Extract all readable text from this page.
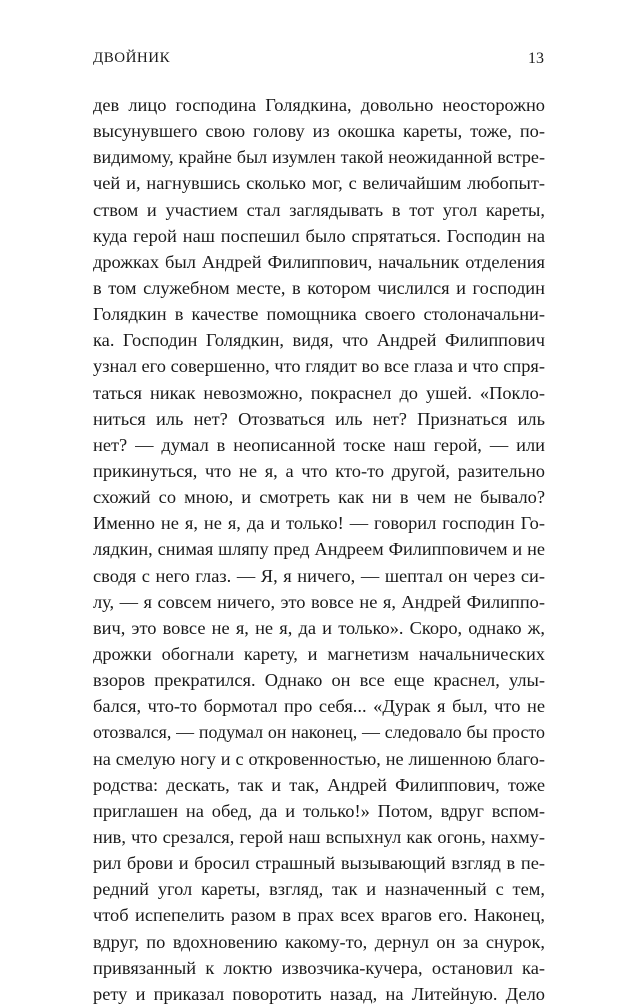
ДВОЙНИК	13
дев лицо господина Голядкина, довольно неосторожно
высунувшего свою голову из окошка кареты, тоже, по-
видимому, крайне был изумлен такой неожиданной встре-
чей и, нагнувшись сколько мог, с величайшим любопыт-
ством и участием стал заглядывать в тот угол кареты,
куда герой наш поспешил было спрятаться. Господин на
дрожках был Андрей Филиппович, начальник отделения
в том служебном месте, в котором числился и господин
Голядкин в качестве помощника своего столоначальни-
ка. Господин Голядкин, видя, что Андрей Филиппович
узнал его совершенно, что глядит во все глаза и что спря-
таться никак невозможно, покраснел до ушей. «Покло-
ниться иль нет? Отозваться иль нет? Признаться иль
нет? — думал в неописанной тоске наш герой, — или
прикинуться, что не я, а что кто-то другой, разительно
схожий со мною, и смотреть как ни в чем не бывало?
Именно не я, не я, да и только! — говорил господин Го-
лядкин, снимая шляпу пред Андреем Филипповичем и не
сводя с него глаз. — Я, я ничего, — шептал он через си-
лу, — я совсем ничего, это вовсе не я, Андрей Филиппо-
вич, это вовсе не я, не я, да и только». Скоро, однако ж,
дрожки обогнали карету, и магнетизм начальнических
взоров прекратился. Однако он все еще краснел, улы-
бался, что-то бормотал про себя... «Дурак я был, что не
отозвался, — подумал он наконец, — следовало бы просто
на смелую ногу и с откровенностью, не лишенною благо-
родства: дескать, так и так, Андрей Филиппович, тоже
приглашен на обед, да и только!» Потом, вдруг вспом-
нив, что срезался, герой наш вспыхнул как огонь, нахму-
рил брови и бросил страшный вызывающий взгляд в пе-
редний угол кареты, взгляд, так и назначенный с тем,
чтоб испепелить разом в прах всех врагов его. Наконец,
вдруг, по вдохновению какому-то, дернул он за снурок,
привязанный к локтю извозчика-кучера, остановил ка-
рету и приказал поворотить назад, на Литейную. Дело
